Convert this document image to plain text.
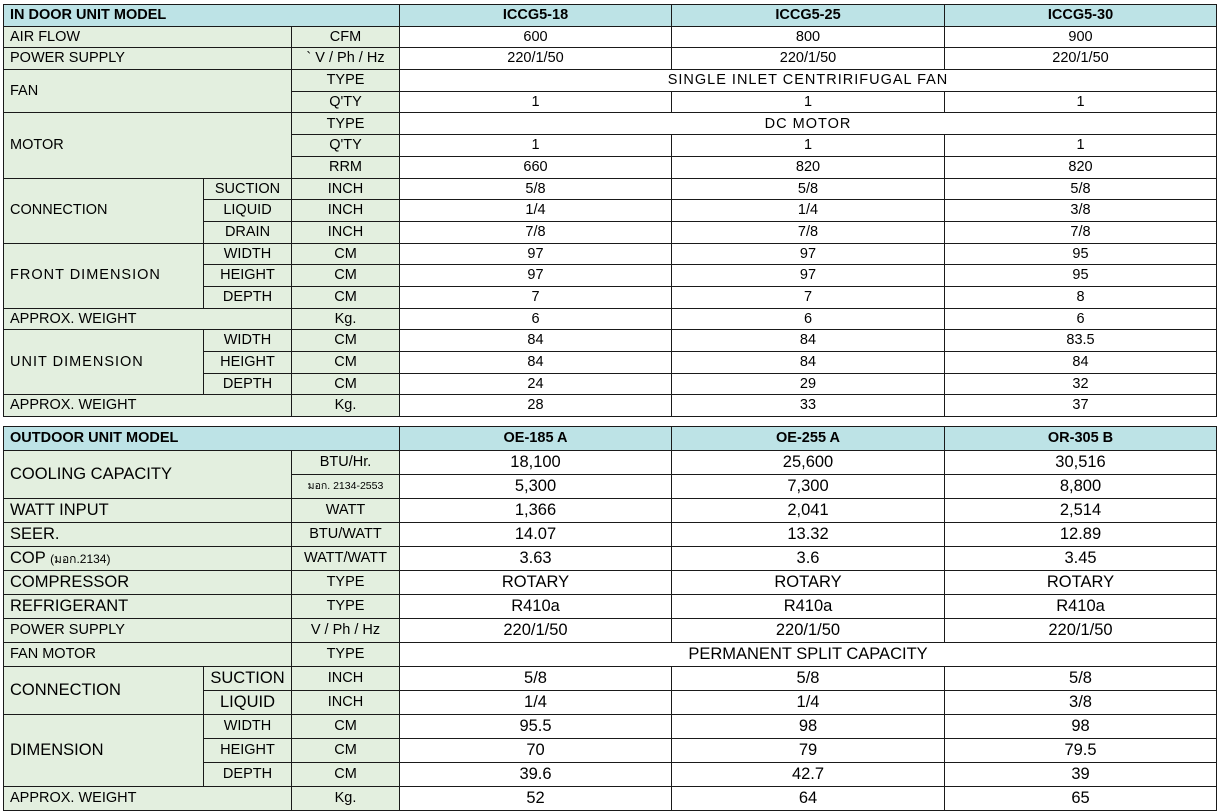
IN DOOR UNIT MODEL			ICCG5-18	ICCG5-25	ICCG5-30
AIR FLOW		CFM	600	800	900
POWER SUPPLY		` V / Ph / Hz	220/1/50	220/1/50	220/1/50
FAN		TYPE	SINGLE INLET CENTRIRIFUGAL FAN		
		Q'TY	1	1	1
MOTOR		TYPE	DC MOTOR		
		Q'TY	1	1	1
		RRM	660	820	820
CONNECTION	SUCTION	INCH	5/8	5/8	5/8
	LIQUID	INCH	1/4	1/4	3/8
	DRAIN	INCH	7/8	7/8	7/8
FRONT DIMENSION	WIDTH	CM	97	97	95
	HEIGHT	CM	97	97	95
	DEPTH	CM	7	7	8
APPROX. WEIGHT		Kg.	6	6	6
UNIT DIMENSION	WIDTH	CM	84	84	83.5
	HEIGHT	CM	84	84	84
	DEPTH	CM	24	29	32
APPROX. WEIGHT		Kg.	28	33	37
OUTDOOR UNIT MODEL			OE-185 A	OE-255 A	OR-305 B
COOLING CAPACITY		BTU/Hr.	18,100	25,600	30,516
		มอก. 2134-2553	5,300	7,300	8,800
WATT INPUT		WATT	1,366	2,041	2,514
SEER.		BTU/WATT	14.07	13.32	12.89
COP (มอก.2134)		WATT/WATT	3.63	3.6	3.45
COMPRESSOR		TYPE	ROTARY	ROTARY	ROTARY
REFRIGERANT		TYPE	R410a	R410a	R410a
POWER SUPPLY		V / Ph / Hz	220/1/50	220/1/50	220/1/50
FAN MOTOR		TYPE	PERMANENT SPLIT CAPACITY		
CONNECTION	SUCTION	INCH	5/8	5/8	5/8
	LIQUID	INCH	1/4	1/4	3/8
DIMENSION	WIDTH	CM	95.5	98	98
	HEIGHT	CM	70	79	79.5
	DEPTH	CM	39.6	42.7	39
APPROX. WEIGHT		Kg.	52	64	65
